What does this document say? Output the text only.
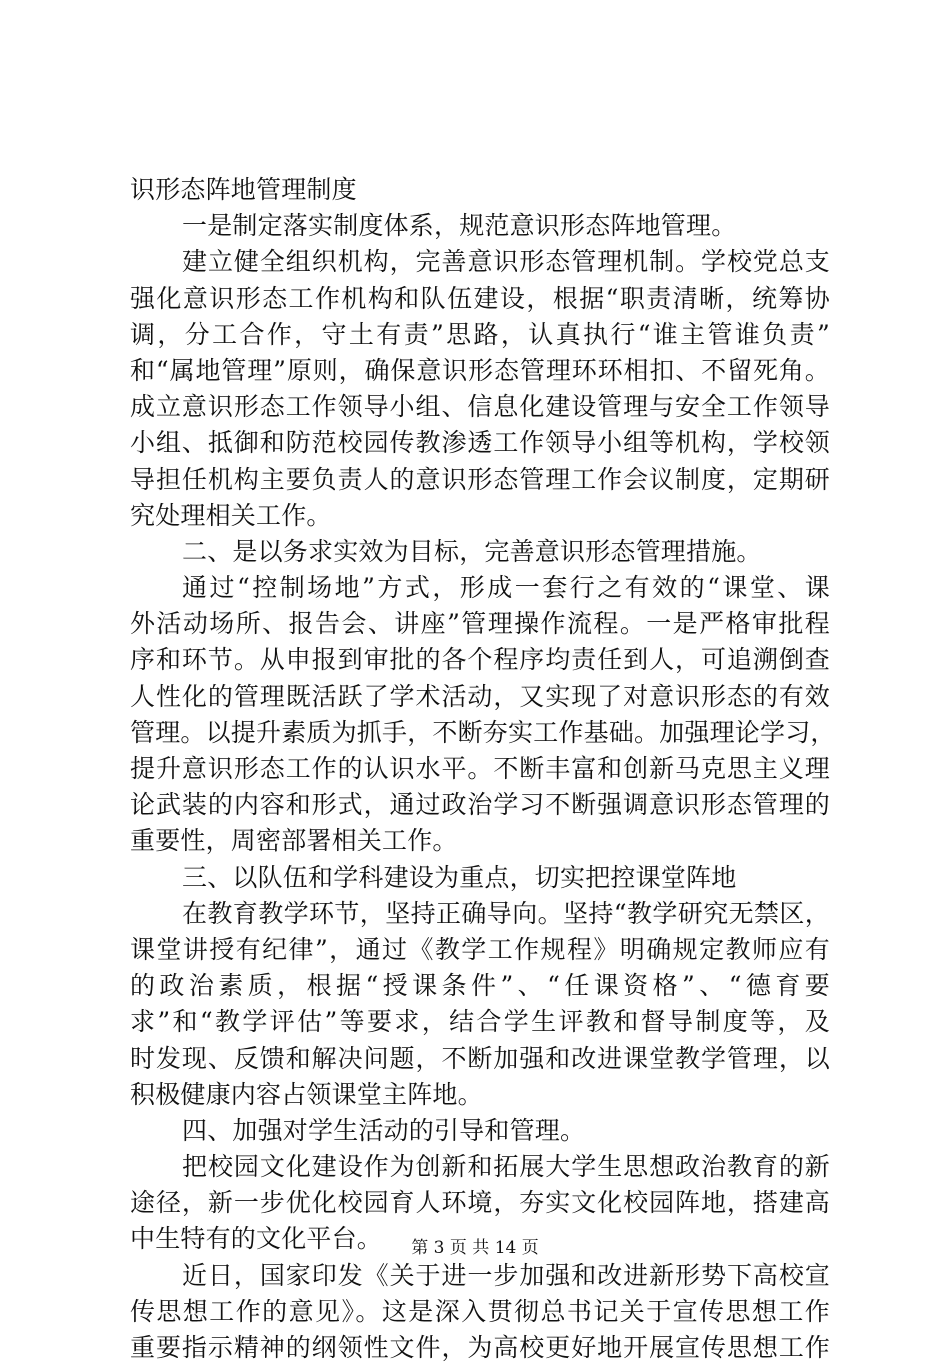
识形态阵地管理制度
一是制定落实制度体系，规范意识形态阵地管理。
建立健全组织机构，完善意识形态管理机制。学校党总支
强化意识形态工作机构和队伍建设，根据“职责清晰，统筹协
调，分工合作，守土有责”思路，认真执行“谁主管谁负责”
和“属地管理”原则，确保意识形态管理环环相扣、不留死角。
成立意识形态工作领导小组、信息化建设管理与安全工作领导
小组、抵御和防范校园传教渗透工作领导小组等机构，学校领
导担任机构主要负责人的意识形态管理工作会议制度，定期研
究处理相关工作。
二、是以务求实效为目标，完善意识形态管理措施。
通过“控制场地”方式，形成一套行之有效的“课堂、课
外活动场所、报告会、讲座”管理操作流程。一是严格审批程
序和环节。从申报到审批的各个程序均责任到人，可追溯倒查
人性化的管理既活跃了学术活动，又实现了对意识形态的有效
管理。以提升素质为抓手，不断夯实工作基础。加强理论学习，
提升意识形态工作的认识水平。不断丰富和创新马克思主义理
论武装的内容和形式，通过政治学习不断强调意识形态管理的
重要性，周密部署相关工作。
三、以队伍和学科建设为重点，切实把控课堂阵地
在教育教学环节，坚持正确导向。坚持“教学研究无禁区，
课堂讲授有纪律”，通过《教学工作规程》明确规定教师应有
的政治素质，根据“授课条件”、“任课资格”、“德育要
求”和“教学评估”等要求，结合学生评教和督导制度等，及
时发现、反馈和解决问题，不断加强和改进课堂教学管理，以
积极健康内容占领课堂主阵地。
四、加强对学生活动的引导和管理。
把校园文化建设作为创新和拓展大学生思想政治教育的新
途径，新一步优化校园育人环境，夯实文化校园阵地，搭建高
中生特有的文化平台。
近日，国家印发《关于进一步加强和改进新形势下高校宣
传思想工作的意见》。这是深入贯彻总书记关于宣传思想工作
重要指示精神的纲领性文件，为高校更好地开展宣传思想工作
第 3 页 共 14 页
